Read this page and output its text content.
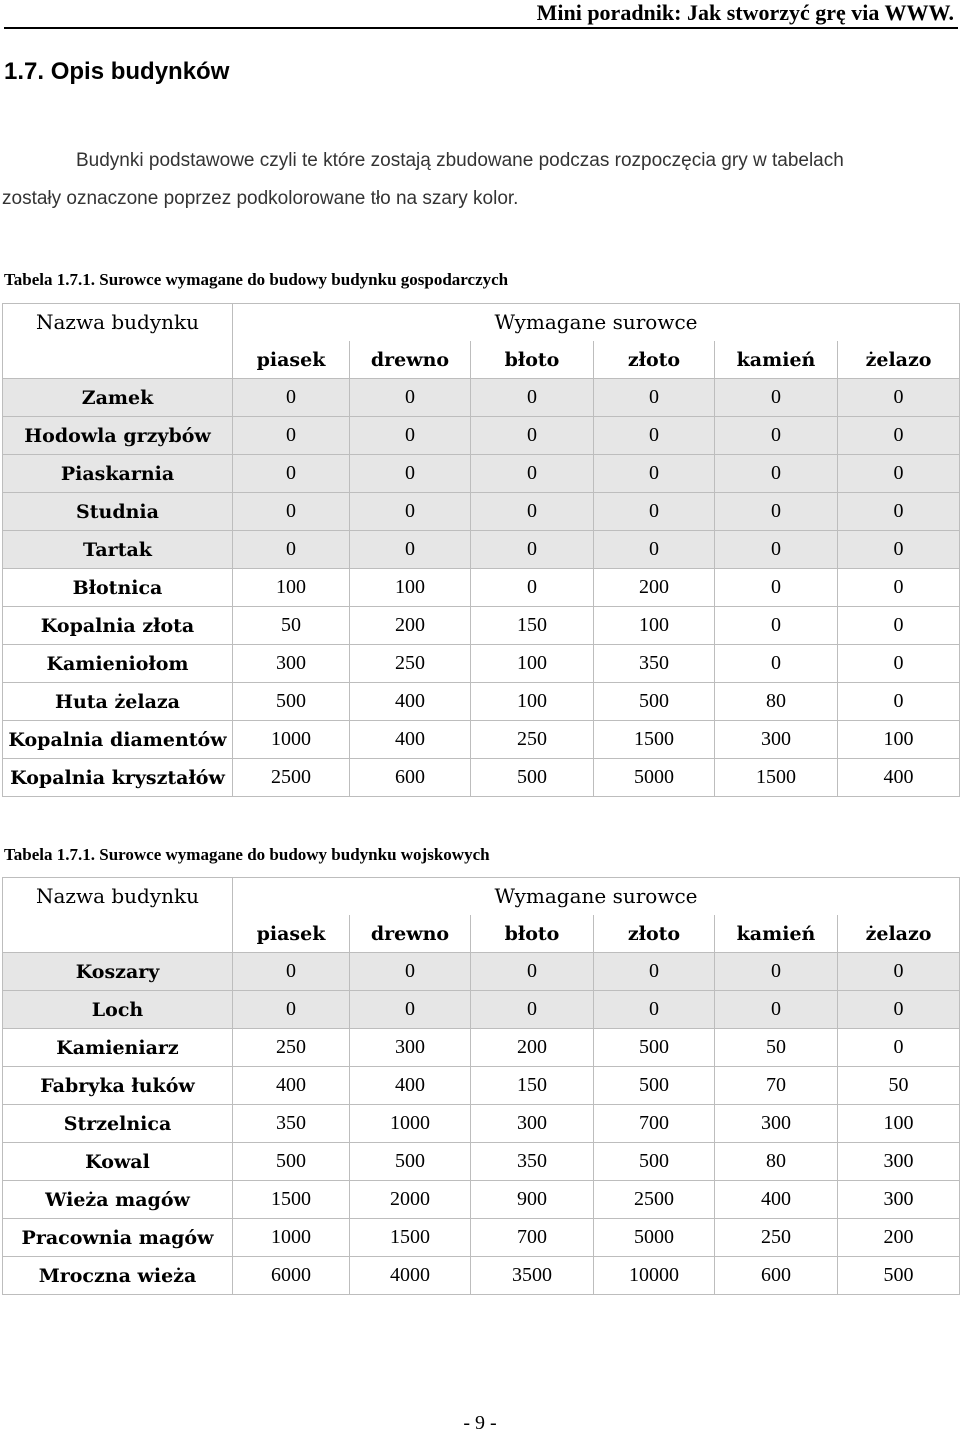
Mini poradnik: Jak stworzyć grę via WWW.
1.7. Opis budynków
Budynki podstawowe czyli te które zostają zbudowane podczas rozpoczęcia gry w tabelach
zostały oznaczone poprzez podkolorowane tło na szary kolor.
Tabela 1.7.1. Surowce wymagane do budowy budynku gospodarczych
Nazwa budynku	Wymagane surowce					
	piasek	drewno	błoto	złoto	kamień	żelazo
Zamek	0	0	0	0	0	0
Hodowla grzybów	0	0	0	0	0	0
Piaskarnia	0	0	0	0	0	0
Studnia	0	0	0	0	0	0
Tartak	0	0	0	0	0	0
Błotnica	100	100	0	200	0	0
Kopalnia złota	50	200	150	100	0	0
Kamieniołom	300	250	100	350	0	0
Huta żelaza	500	400	100	500	80	0
Kopalnia diamentów	1000	400	250	1500	300	100
Kopalnia kryształów	2500	600	500	5000	1500	400
Tabela 1.7.1. Surowce wymagane do budowy budynku wojskowych
Nazwa budynku	Wymagane surowce					
	piasek	drewno	błoto	złoto	kamień	żelazo
Koszary	0	0	0	0	0	0
Loch	0	0	0	0	0	0
Kamieniarz	250	300	200	500	50	0
Fabryka łuków	400	400	150	500	70	50
Strzelnica	350	1000	300	700	300	100
Kowal	500	500	350	500	80	300
Wieża magów	1500	2000	900	2500	400	300
Pracownia magów	1000	1500	700	5000	250	200
Mroczna wieża	6000	4000	3500	10000	600	500
- 9 -
